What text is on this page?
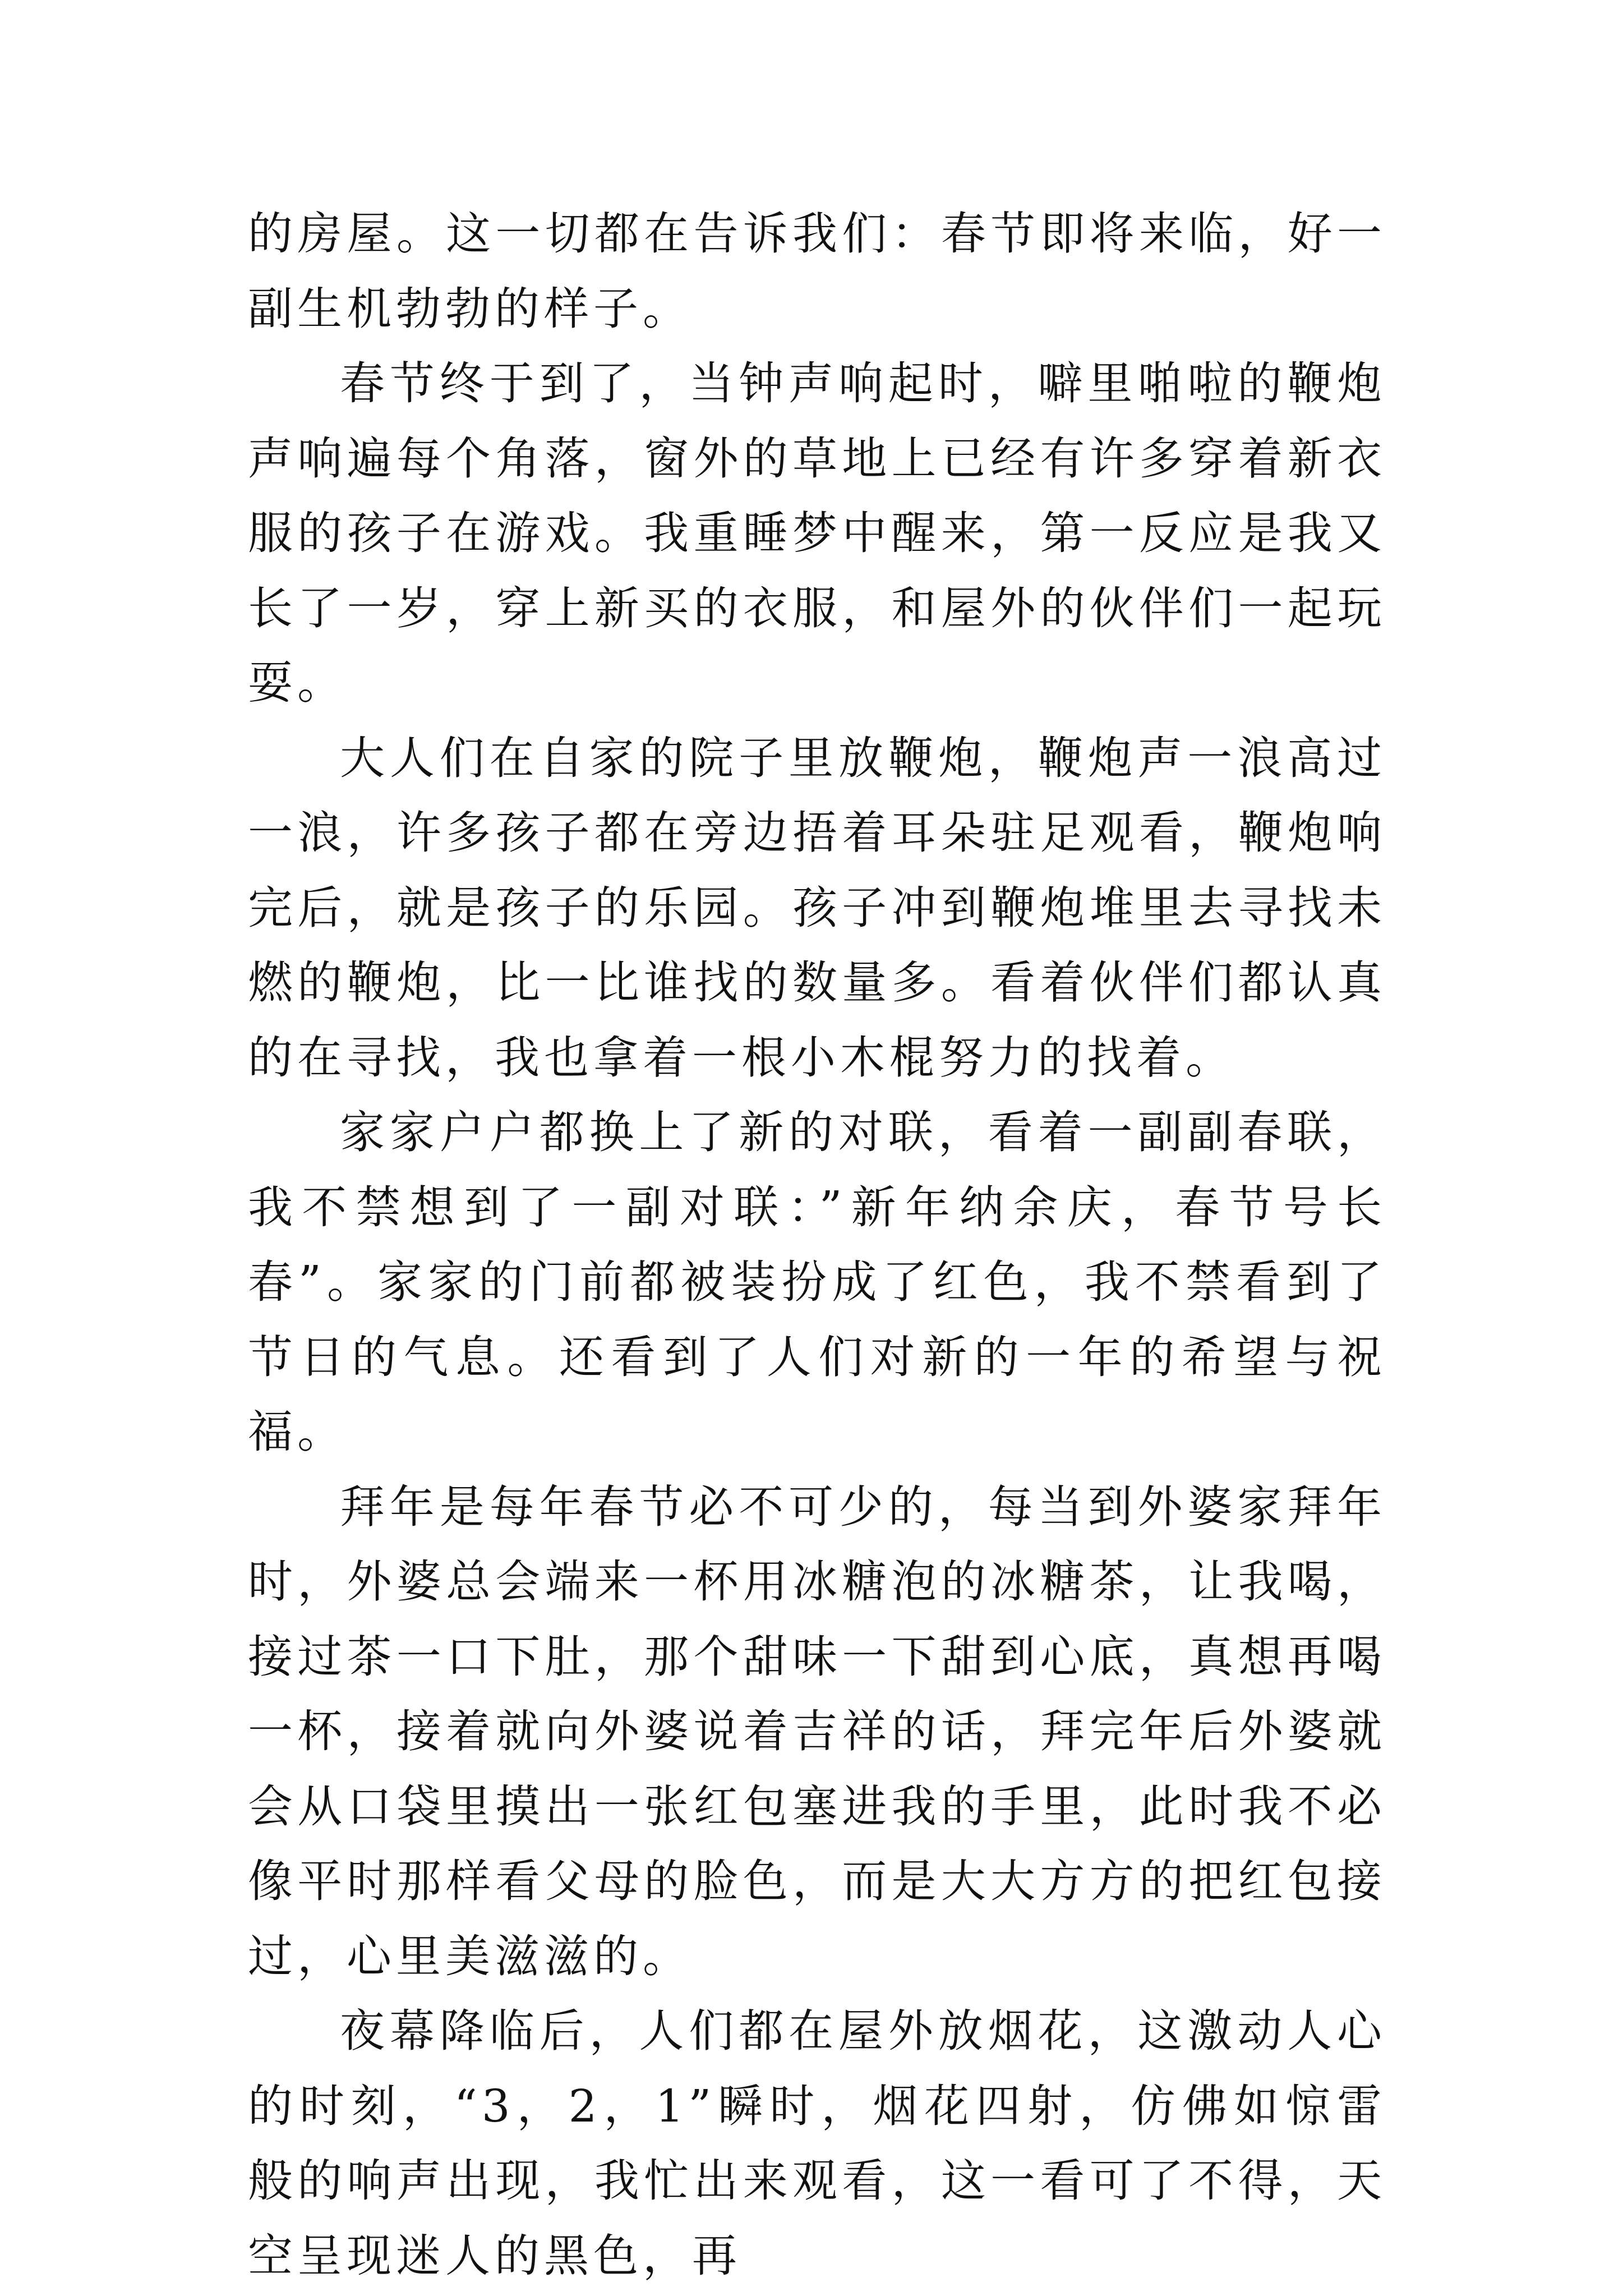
的房屋。这一切都在告诉我们：春节即将来临，好一副生机勃勃的样子。

春节终于到了，当钟声响起时，噼里啪啦的鞭炮声响遍每个角落，窗外的草地上已经有许多穿着新衣服的孩子在游戏。我重睡梦中醒来，第一反应是我又长了一岁，穿上新买的衣服，和屋外的伙伴们一起玩耍。

大人们在自家的院子里放鞭炮，鞭炮声一浪高过一浪，许多孩子都在旁边捂着耳朵驻足观看，鞭炮响完后，就是孩子的乐园。孩子冲到鞭炮堆里去寻找未燃的鞭炮，比一比谁找的数量多。看着伙伴们都认真的在寻找，我也拿着一根小木棍努力的找着。

家家户户都换上了新的对联，看着一副副春联，我不禁想到了一副对联：”新年纳余庆，春节号长春”。家家的门前都被装扮成了红色，我不禁看到了节日的气息。还看到了人们对新的一年的希望与祝福。

拜年是每年春节必不可少的，每当到外婆家拜年时，外婆总会端来一杯用冰糖泡的冰糖茶，让我喝，接过茶一口下肚，那个甜味一下甜到心底，真想再喝一杯，接着就向外婆说着吉祥的话，拜完年后外婆就会从口袋里摸出一张红包塞进我的手里，此时我不必像平时那样看父母的脸色，而是大大方方的把红包接过，心里美滋滋的。

夜幕降临后，人们都在屋外放烟花，这激动人心的时刻，“3，2，1”瞬时，烟花四射，仿佛如惊雷般的响声出现，我忙出来观看，这一看可了不得，天空呈现迷人的黑色，再
